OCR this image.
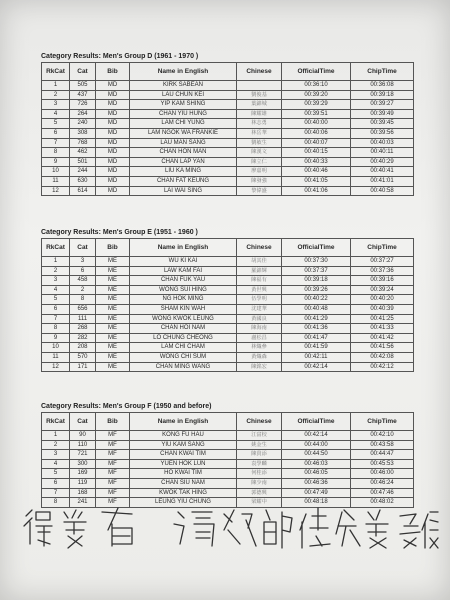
Category Results: Men's Group D (1961 - 1970 )
RkCat	Cat	Bib	Name in English	Chinese	OfficialTime	ChipTime
1	505	MD	KIRK SABEAN		00:36:10	00:36:08
2	437	MD	LAU CHUN KEI	劉俊基	00:39:20	00:39:18
3	726	MD	YIP KAM SHING	葉錦城	00:39:29	00:39:27
4	264	MD	CHAN YIU HUNG	陳耀雄	00:39:51	00:39:49
5	240	MD	LAM CHI YUNG	林志勇	00:40:00	00:39:45
6	308	MD	LAM NGOK WA FRANKIE	林岳華	00:40:06	00:39:56
7	768	MD	LAU MAN SANG	劉敏生	00:40:07	00:40:03
8	462	MD	CHAN HON MAN	陳漢文	00:40:15	00:40:11
9	501	MD	CHAN LAP YAN	陳立仁	00:40:33	00:40:29
10	244	MD	LIU KA MING	廖嘉明	00:40:46	00:40:41
11	630	MD	CHAN FAT KEUNG	陳發強	00:41:05	00:41:01
12	614	MD	LAI WAI SING	黎偉盛	00:41:06	00:40:58
Category Results: Men's Group E (1951 - 1960 )
RkCat	Cat	Bib	Name in English	Chinese	OfficialTime	ChipTime
1	3	ME	WU KI KAI	胡其佳	00:37:30	00:37:27
2	6	ME	LAW KAM FAI	羅錦輝	00:37:37	00:37:36
3	458	ME	CHAN FUK YAU	陳福有	00:39:18	00:39:16
4	2	ME	WONG SUI HING	黃世興	00:39:26	00:39:24
5	8	ME	NG HOK MING	伍學明	00:40:22	00:40:20
6	656	ME	SHAM KIN WAH	沈建華	00:40:48	00:40:39
7	111	ME	WONG KWOK LEUNG	黃國良	00:41:29	00:41:25
8	268	ME	CHAN HOI NAM	陳海南	00:41:36	00:41:33
9	282	ME	LO CHUNG CHEONG	盧松昌	00:41:47	00:41:42
10	208	ME	LAM CHI CHAM	林熾參	00:41:59	00:41:56
11	570	ME	WONG CHI SUM	黃熾森	00:42:11	00:42:08
12	171	ME	CHAN MING WANG	陳銘宏	00:42:14	00:42:12
Category Results: Men's Group F (1950 and before)
RkCat	Cat	Bib	Name in English	Chinese	OfficialTime	ChipTime
1	90	MF	KONG FU HAU	江富校	00:42:14	00:42:10
2	110	MF	YIU KAM SANG	姚金生	00:44:00	00:43:58
3	721	MF	CHAN KWAI TIM	陳貴添	00:44:50	00:44:47
4	300	MF	YUEN HOK LUN	袁學麟	00:46:03	00:45:53
5	169	MF	HO KWAI TIM	何桂添	00:46:05	00:46:00
6	119	MF	CHAN SIU NAM	陳少南	00:46:36	00:46:24
7	168	MF	KWOK TAK HING	郭德興	00:47:49	00:47:46
8	241	MF	LEUNG YIU CHUNG	梁耀中	00:48:18	00:48:02
